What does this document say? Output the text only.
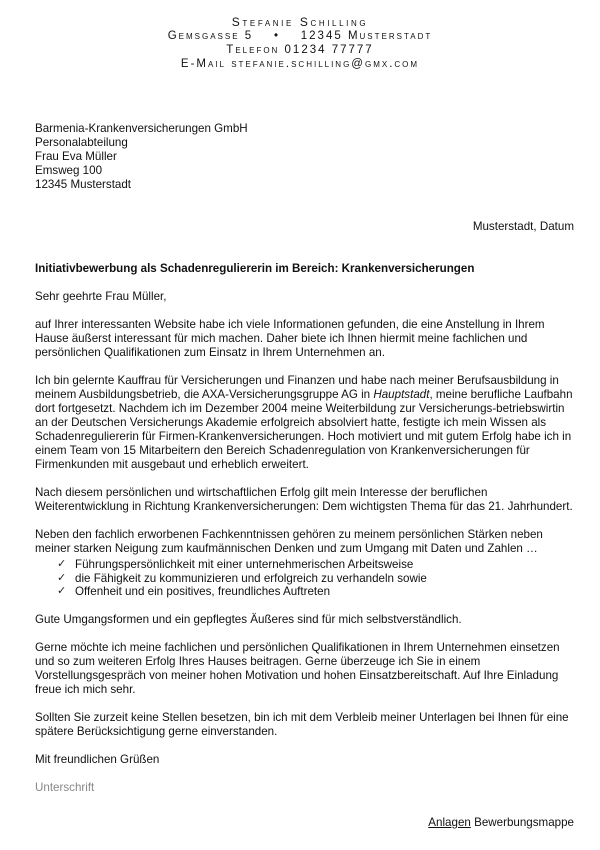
Stefanie Schilling
Gemsgasse 5 • 12345 Musterstadt
Telefon 01234 77777
E-Mail stefanie.schilling@gmx.com
Barmenia-Krankenversicherungen GmbH
Personalabteilung
Frau Eva Müller
Emsweg 100
12345 Musterstadt
Musterstadt, Datum
Initiativbewerbung als Schadenreguliererin im Bereich: Krankenversicherungen

Sehr geehrte Frau Müller,

auf Ihrer interessanten Website habe ich viele Informationen gefunden, die eine Anstellung in Ihrem Hause äußerst interessant für mich machen. Daher biete ich Ihnen hiermit meine fachlichen und persönlichen Qualifikationen zum Einsatz in Ihrem Unternehmen an.

Ich bin gelernte Kauffrau für Versicherungen und Finanzen und habe nach meiner Berufsausbildung in meinem Ausbildungsbetrieb, die AXA-Versicherungsgruppe AG in Hauptstadt, meine berufliche Laufbahn dort fortgesetzt. Nachdem ich im Dezember 2004 meine Weiterbildung zur Versicherungs-betriebswirtin an der Deutschen Versicherungs Akademie erfolgreich absolviert hatte, festigte ich mein Wissen als Schadenreguliererin für Firmen-Krankenversicherungen. Hoch motiviert und mit gutem Erfolg habe ich in einem Team von 15 Mitarbeitern den Bereich Schadenregulation von Krankenversicherungen für Firmenkunden mit ausgebaut und erheblich erweitert.

Nach diesem persönlichen und wirtschaftlichen Erfolg gilt mein Interesse der beruflichen Weiterentwicklung in Richtung Krankenversicherungen: Dem wichtigsten Thema für das 21. Jahrhundert.

Neben den fachlich erworbenen Fachkenntnissen gehören zu meinem persönlichen Stärken neben meiner starken Neigung zum kaufmännischen Denken und zum Umgang mit Daten und Zahlen …

✓ Führungspersönlichkeit mit einer unternehmerischen Arbeitsweise
✓ die Fähigkeit zu kommunizieren und erfolgreich zu verhandeln sowie
✓ Offenheit und ein positives, freundliches Auftreten

Gute Umgangsformen und ein gepflegtes Äußeres sind für mich selbstverständlich.

Gerne möchte ich meine fachlichen und persönlichen Qualifikationen in Ihrem Unternehmen einsetzen und so zum weiteren Erfolg Ihres Hauses beitragen. Gerne überzeuge ich Sie in einem Vorstellungsgespräch von meiner hohen Motivation und hohen Einsatzbereitschaft. Auf Ihre Einladung freue ich mich sehr.

Sollten Sie zurzeit keine Stellen besetzen, bin ich mit dem Verbleib meiner Unterlagen bei Ihnen für eine spätere Berücksichtigung gerne einverstanden.

Mit freundlichen Grüßen

Unterschrift

Anlagen Bewerbungsmappe
